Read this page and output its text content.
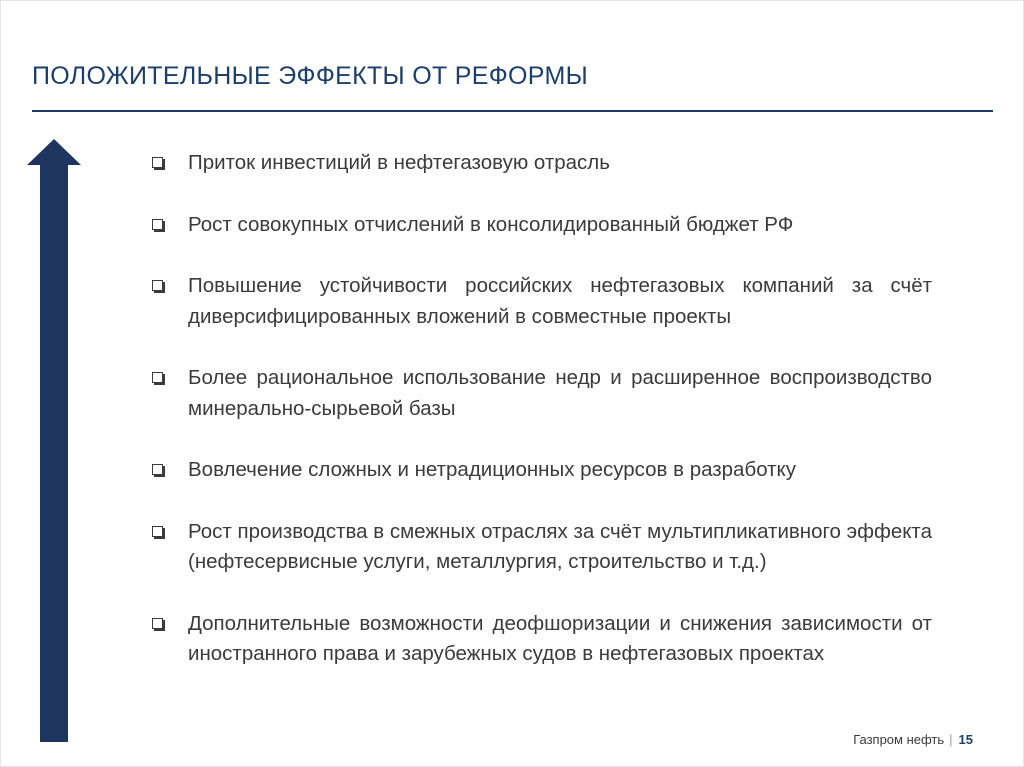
ПОЛОЖИТЕЛЬНЫЕ ЭФФЕКТЫ ОТ РЕФОРМЫ
Приток инвестиций в нефтегазовую отрасль
Рост совокупных отчислений в консолидированный бюджет РФ
Повышение устойчивости российских нефтегазовых компаний за счёт диверсифицированных вложений в совместные проекты
Более рациональное использование недр и расширенное воспроизводство минерально-сырьевой базы
Вовлечение сложных и нетрадиционных ресурсов в разработку
Рост производства в смежных отраслях за счёт мультипликативного эффекта (нефтесервисные услуги, металлургия, строительство и т.д.)
Дополнительные возможности деофшоризации и снижения зависимости от иностранного права и зарубежных судов в нефтегазовых проектах
Газпром нефть | 15
